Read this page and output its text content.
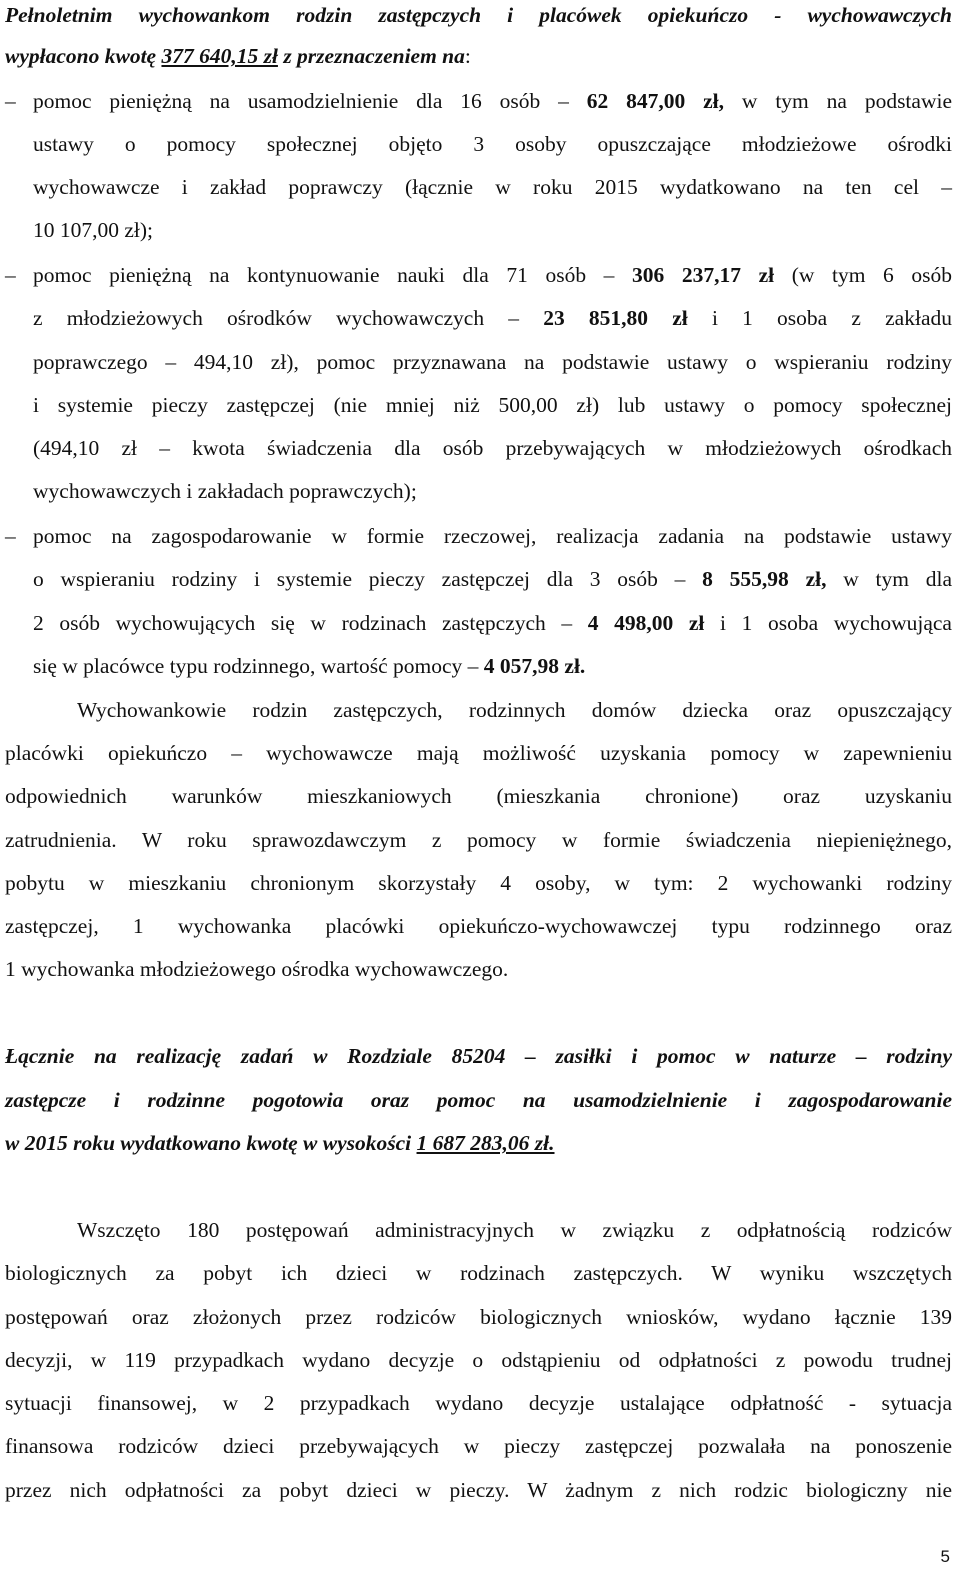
Pełnoletnim wychowankom rodzin zastępczych i placówek opiekuńczo - wychowawczych
wypłacono kwotę 377 640,15 zł z przeznaczeniem na:
– pomoc pieniężną na usamodzielnienie dla 16 osób – 62 847,00 zł, w tym na podstawie
ustawy o pomocy społecznej objęto 3 osoby opuszczające młodzieżowe ośrodki
wychowawcze i zakład poprawczy (łącznie w roku 2015 wydatkowano na ten cel –
10 107,00 zł);
– pomoc pieniężną na kontynuowanie nauki dla 71 osób – 306 237,17 zł (w tym 6 osób
z młodzieżowych ośrodków wychowawczych – 23 851,80 zł i 1 osoba z zakładu
poprawczego – 494,10 zł), pomoc przyznawana na podstawie ustawy o wspieraniu rodziny
i systemie pieczy zastępczej (nie mniej niż 500,00 zł) lub ustawy o pomocy społecznej
(494,10 zł – kwota świadczenia dla osób przebywających w młodzieżowych ośrodkach
wychowawczych i zakładach poprawczych);
– pomoc na zagospodarowanie w formie rzeczowej, realizacja zadania na podstawie ustawy
o wspieraniu rodziny i systemie pieczy zastępczej dla 3 osób – 8 555,98 zł, w tym dla
2 osób wychowujących się w rodzinach zastępczych – 4 498,00 zł i 1 osoba wychowująca
się w placówce typu rodzinnego, wartość pomocy – 4 057,98 zł.
Wychowankowie rodzin zastępczych, rodzinnych domów dziecka oraz opuszczający
placówki opiekuńczo – wychowawcze mają możliwość uzyskania pomocy w zapewnieniu
odpowiednich warunków mieszkaniowych (mieszkania chronione) oraz uzyskaniu
zatrudnienia. W roku sprawozdawczym z pomocy w formie świadczenia niepieniężnego,
pobytu w mieszkaniu chronionym skorzystały 4 osoby, w tym: 2 wychowanki rodziny
zastępczej, 1 wychowanka placówki opiekuńczo-wychowawczej typu rodzinnego oraz
1 wychowanka młodzieżowego ośrodka wychowawczego.
Łącznie na realizację zadań w Rozdziale 85204 – zasiłki i pomoc w naturze – rodziny
zastępcze i rodzinne pogotowia oraz pomoc na usamodzielnienie i zagospodarowanie
w 2015 roku wydatkowano kwotę w wysokości 1 687 283,06 zł.
Wszczęto 180 postępowań administracyjnych w związku z odpłatnością rodziców
biologicznych za pobyt ich dzieci w rodzinach zastępczych. W wyniku wszczętych
postępowań oraz złożonych przez rodziców biologicznych wniosków, wydano łącznie 139
decyzji, w 119 przypadkach wydano decyzje o odstąpieniu od odpłatności z powodu trudnej
sytuacji finansowej, w 2 przypadkach wydano decyzje ustalające odpłatność - sytuacja
finansowa rodziców dzieci przebywających w pieczy zastępczej pozwalała na ponoszenie
przez nich odpłatności za pobyt dzieci w pieczy. W żadnym z nich rodzic biologiczny nie
5
